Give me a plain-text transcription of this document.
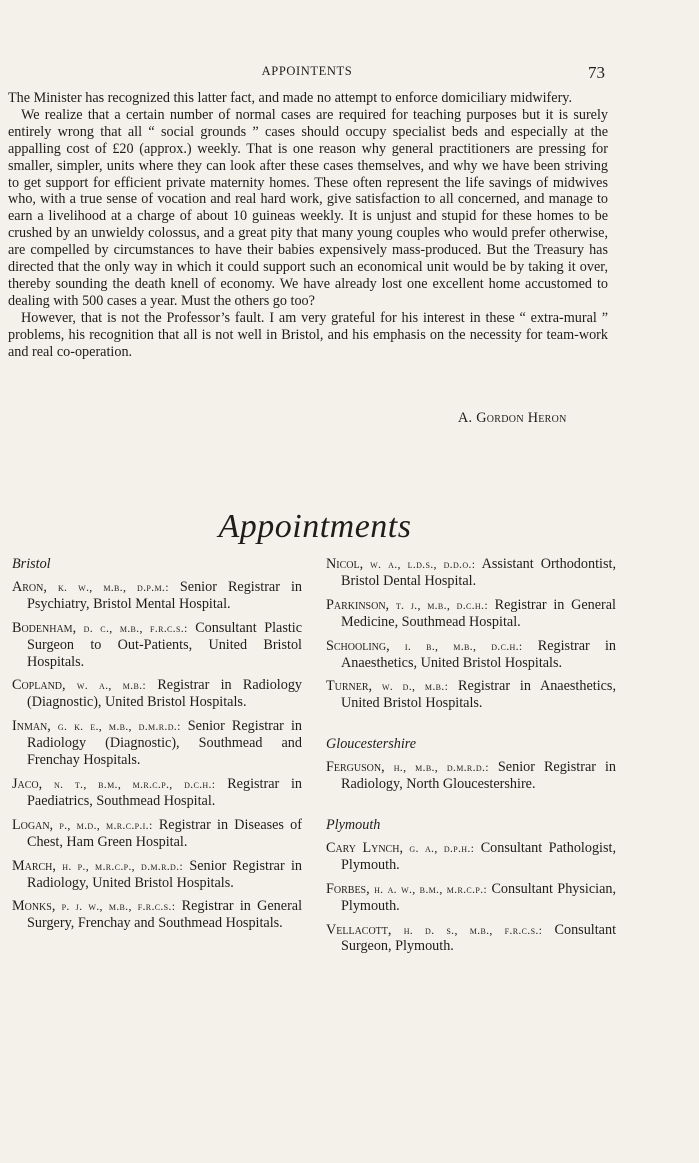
APPOINTENTS	73

The Minister has recognized this latter fact, and made no attempt to enforce domiciliary midwifery.

We realize that a certain number of normal cases are required for teaching purposes but it is surely entirely wrong that all “ social grounds ” cases should occupy specialist beds and especially at the appalling cost of £20 (approx.) weekly. That is one reason why general practitioners are pressing for smaller, simpler, units where they can look after these cases themselves, and why we have been striving to get support for efficient private maternity homes. These often represent the life savings of midwives who, with a true sense of vocation and real hard work, give satisfaction to all concerned, and manage to earn a livelihood at a charge of about 10 guineas weekly. It is unjust and stupid for these homes to be crushed by an unwieldy colossus, and a great pity that many young couples who would prefer otherwise, are compelled by circumstances to have their babies expensively mass-produced. But the Treasury has directed that the only way in which it could support such an economical unit would be by taking it over, thereby sounding the death knell of economy. We have already lost one excellent home accustomed to dealing with 500 cases a year. Must the others go too?

However, that is not the Professor’s fault. I am very grateful for his interest in these “ extra-mural ” problems, his recognition that all is not well in Bristol, and his emphasis on the necessity for team-work and real co-operation.

A. Gordon Heron
Appointments
Bristol
Aron, k. w., m.b., d.p.m.: Senior Registrar in Psychiatry, Bristol Mental Hospital.
Bodenham, d. c., m.b., f.r.c.s.: Consultant Plastic Surgeon to Out-Patients, United Bristol Hospitals.
Copland, w. a., m.b.: Registrar in Radiology (Diagnostic), United Bristol Hospitals.
Inman, g. k. e., m.b., d.m.r.d.: Senior Registrar in Radiology (Diagnostic), Southmead and Frenchay Hospitals.
Jaco, n. t., b.m., m.r.c.p., d.c.h.: Registrar in Paediatrics, Southmead Hospital.
Logan, p., m.d., m.r.c.p.i.: Registrar in Diseases of Chest, Ham Green Hospital.
March, h. p., m.r.c.p., d.m.r.d.: Senior Registrar in Radiology, United Bristol Hospitals.
Monks, p. j. w., m.b., f.r.c.s.: Registrar in General Surgery, Frenchay and Southmead Hospitals.
Nicol, w. a., l.d.s., d.d.o.: Assistant Orthodontist, Bristol Dental Hospital.
Parkinson, t. j., m.b., d.c.h.: Registrar in General Medicine, Southmead Hospital.
Schooling, i. b., m.b., d.c.h.: Registrar in Anaesthetics, United Bristol Hospitals.
Turner, w. d., m.b.: Registrar in Anaesthetics, United Bristol Hospitals.
Gloucestershire
Ferguson, h., m.b., d.m.r.d.: Senior Registrar in Radiology, North Gloucestershire.
Plymouth
Cary Lynch, g. a., d.p.h.: Consultant Pathologist, Plymouth.
Forbes, h. a. w., b.m., m.r.c.p.: Consultant Physician, Plymouth.
Vellacott, h. d. s., m.b., f.r.c.s.: Consultant Surgeon, Plymouth.
